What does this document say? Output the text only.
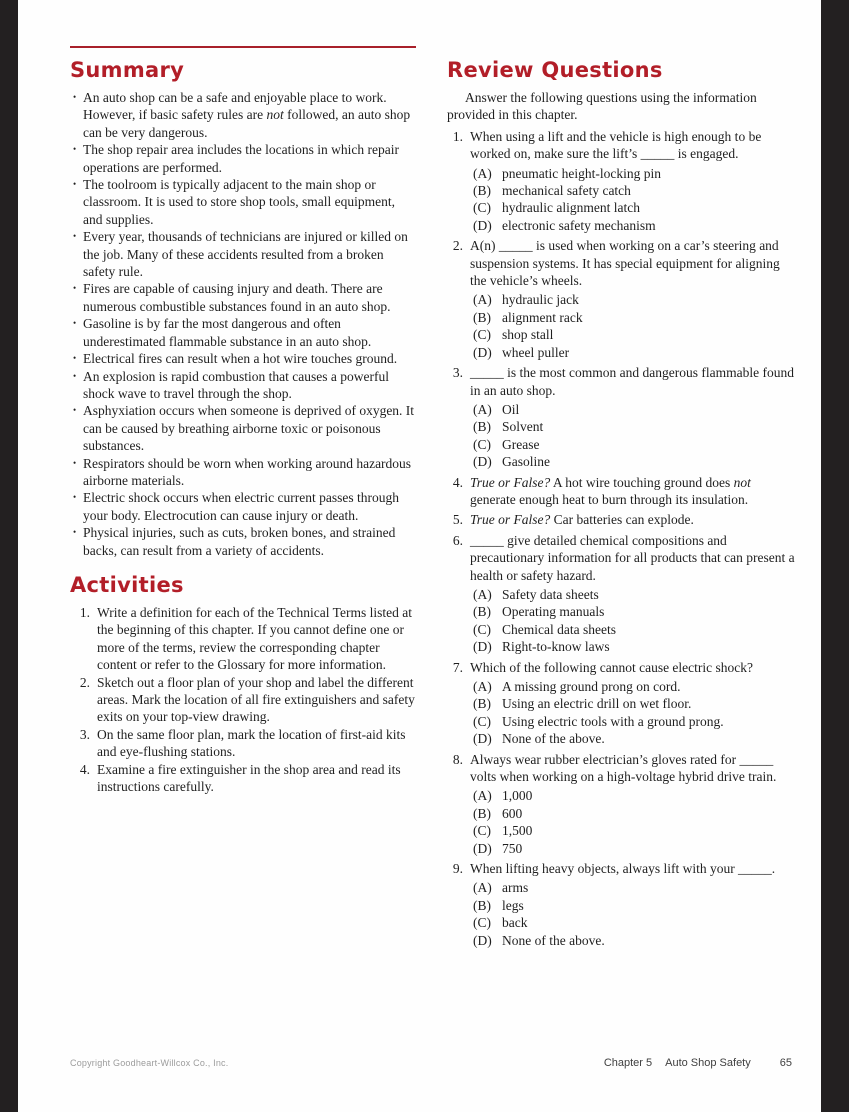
Summary
• An auto shop can be a safe and enjoyable place to work. However, if basic safety rules are not followed, an auto shop can be very dangerous.
• The shop repair area includes the locations in which repair operations are performed.
• The toolroom is typically adjacent to the main shop or classroom. It is used to store shop tools, small equipment, and supplies.
• Every year, thousands of technicians are injured or killed on the job. Many of these accidents resulted from a broken safety rule.
• Fires are capable of causing injury and death. There are numerous combustible substances found in an auto shop.
• Gasoline is by far the most dangerous and often underestimated flammable substance in an auto shop.
• Electrical fires can result when a hot wire touches ground.
• An explosion is rapid combustion that causes a powerful shock wave to travel through the shop.
• Asphyxiation occurs when someone is deprived of oxygen. It can be caused by breathing airborne toxic or poisonous substances.
• Respirators should be worn when working around hazardous airborne materials.
• Electric shock occurs when electric current passes through your body. Electrocution can cause injury or death.
• Physical injuries, such as cuts, broken bones, and strained backs, can result from a variety of accidents.
Activities
1. Write a definition for each of the Technical Terms listed at the beginning of this chapter. If you cannot define one or more of the terms, review the corresponding chapter content or refer to the Glossary for more information.
2. Sketch out a floor plan of your shop and label the different areas. Mark the location of all fire extinguishers and safety exits on your top-view drawing.
3. On the same floor plan, mark the location of first-aid kits and eye-flushing stations.
4. Examine a fire extinguisher in the shop area and read its instructions carefully.
Review Questions

Answer the following questions using the information provided in this chapter.

1. When using a lift and the vehicle is high enough to be worked on, make sure the lift’s _____ is engaged.
(A) pneumatic height-locking pin
(B) mechanical safety catch
(C) hydraulic alignment latch
(D) electronic safety mechanism
2. A(n) _____ is used when working on a car’s steering and suspension systems. It has special equipment for aligning the vehicle’s wheels.
(A) hydraulic jack
(B) alignment rack
(C) shop stall
(D) wheel puller
3. _____ is the most common and dangerous flammable found in an auto shop.
(A) Oil
(B) Solvent
(C) Grease
(D) Gasoline
4. True or False? A hot wire touching ground does not generate enough heat to burn through its insulation.
5. True or False? Car batteries can explode.
6. _____ give detailed chemical compositions and precautionary information for all products that can present a health or safety hazard.
(A) Safety data sheets
(B) Operating manuals
(C) Chemical data sheets
(D) Right-to-know laws
7. Which of the following cannot cause electric shock?
(A) A missing ground prong on cord.
(B) Using an electric drill on wet floor.
(C) Using electric tools with a ground prong.
(D) None of the above.
8. Always wear rubber electrician’s gloves rated for _____ volts when working on a high-voltage hybrid drive train.
(A) 1,000
(B) 600
(C) 1,500
(D) 750
9. When lifting heavy objects, always lift with your _____.
(A) arms
(B) legs
(C) back
(D) None of the above.
Copyright Goodheart-Willcox Co., Inc.	Chapter 5 Auto Shop Safety	65
